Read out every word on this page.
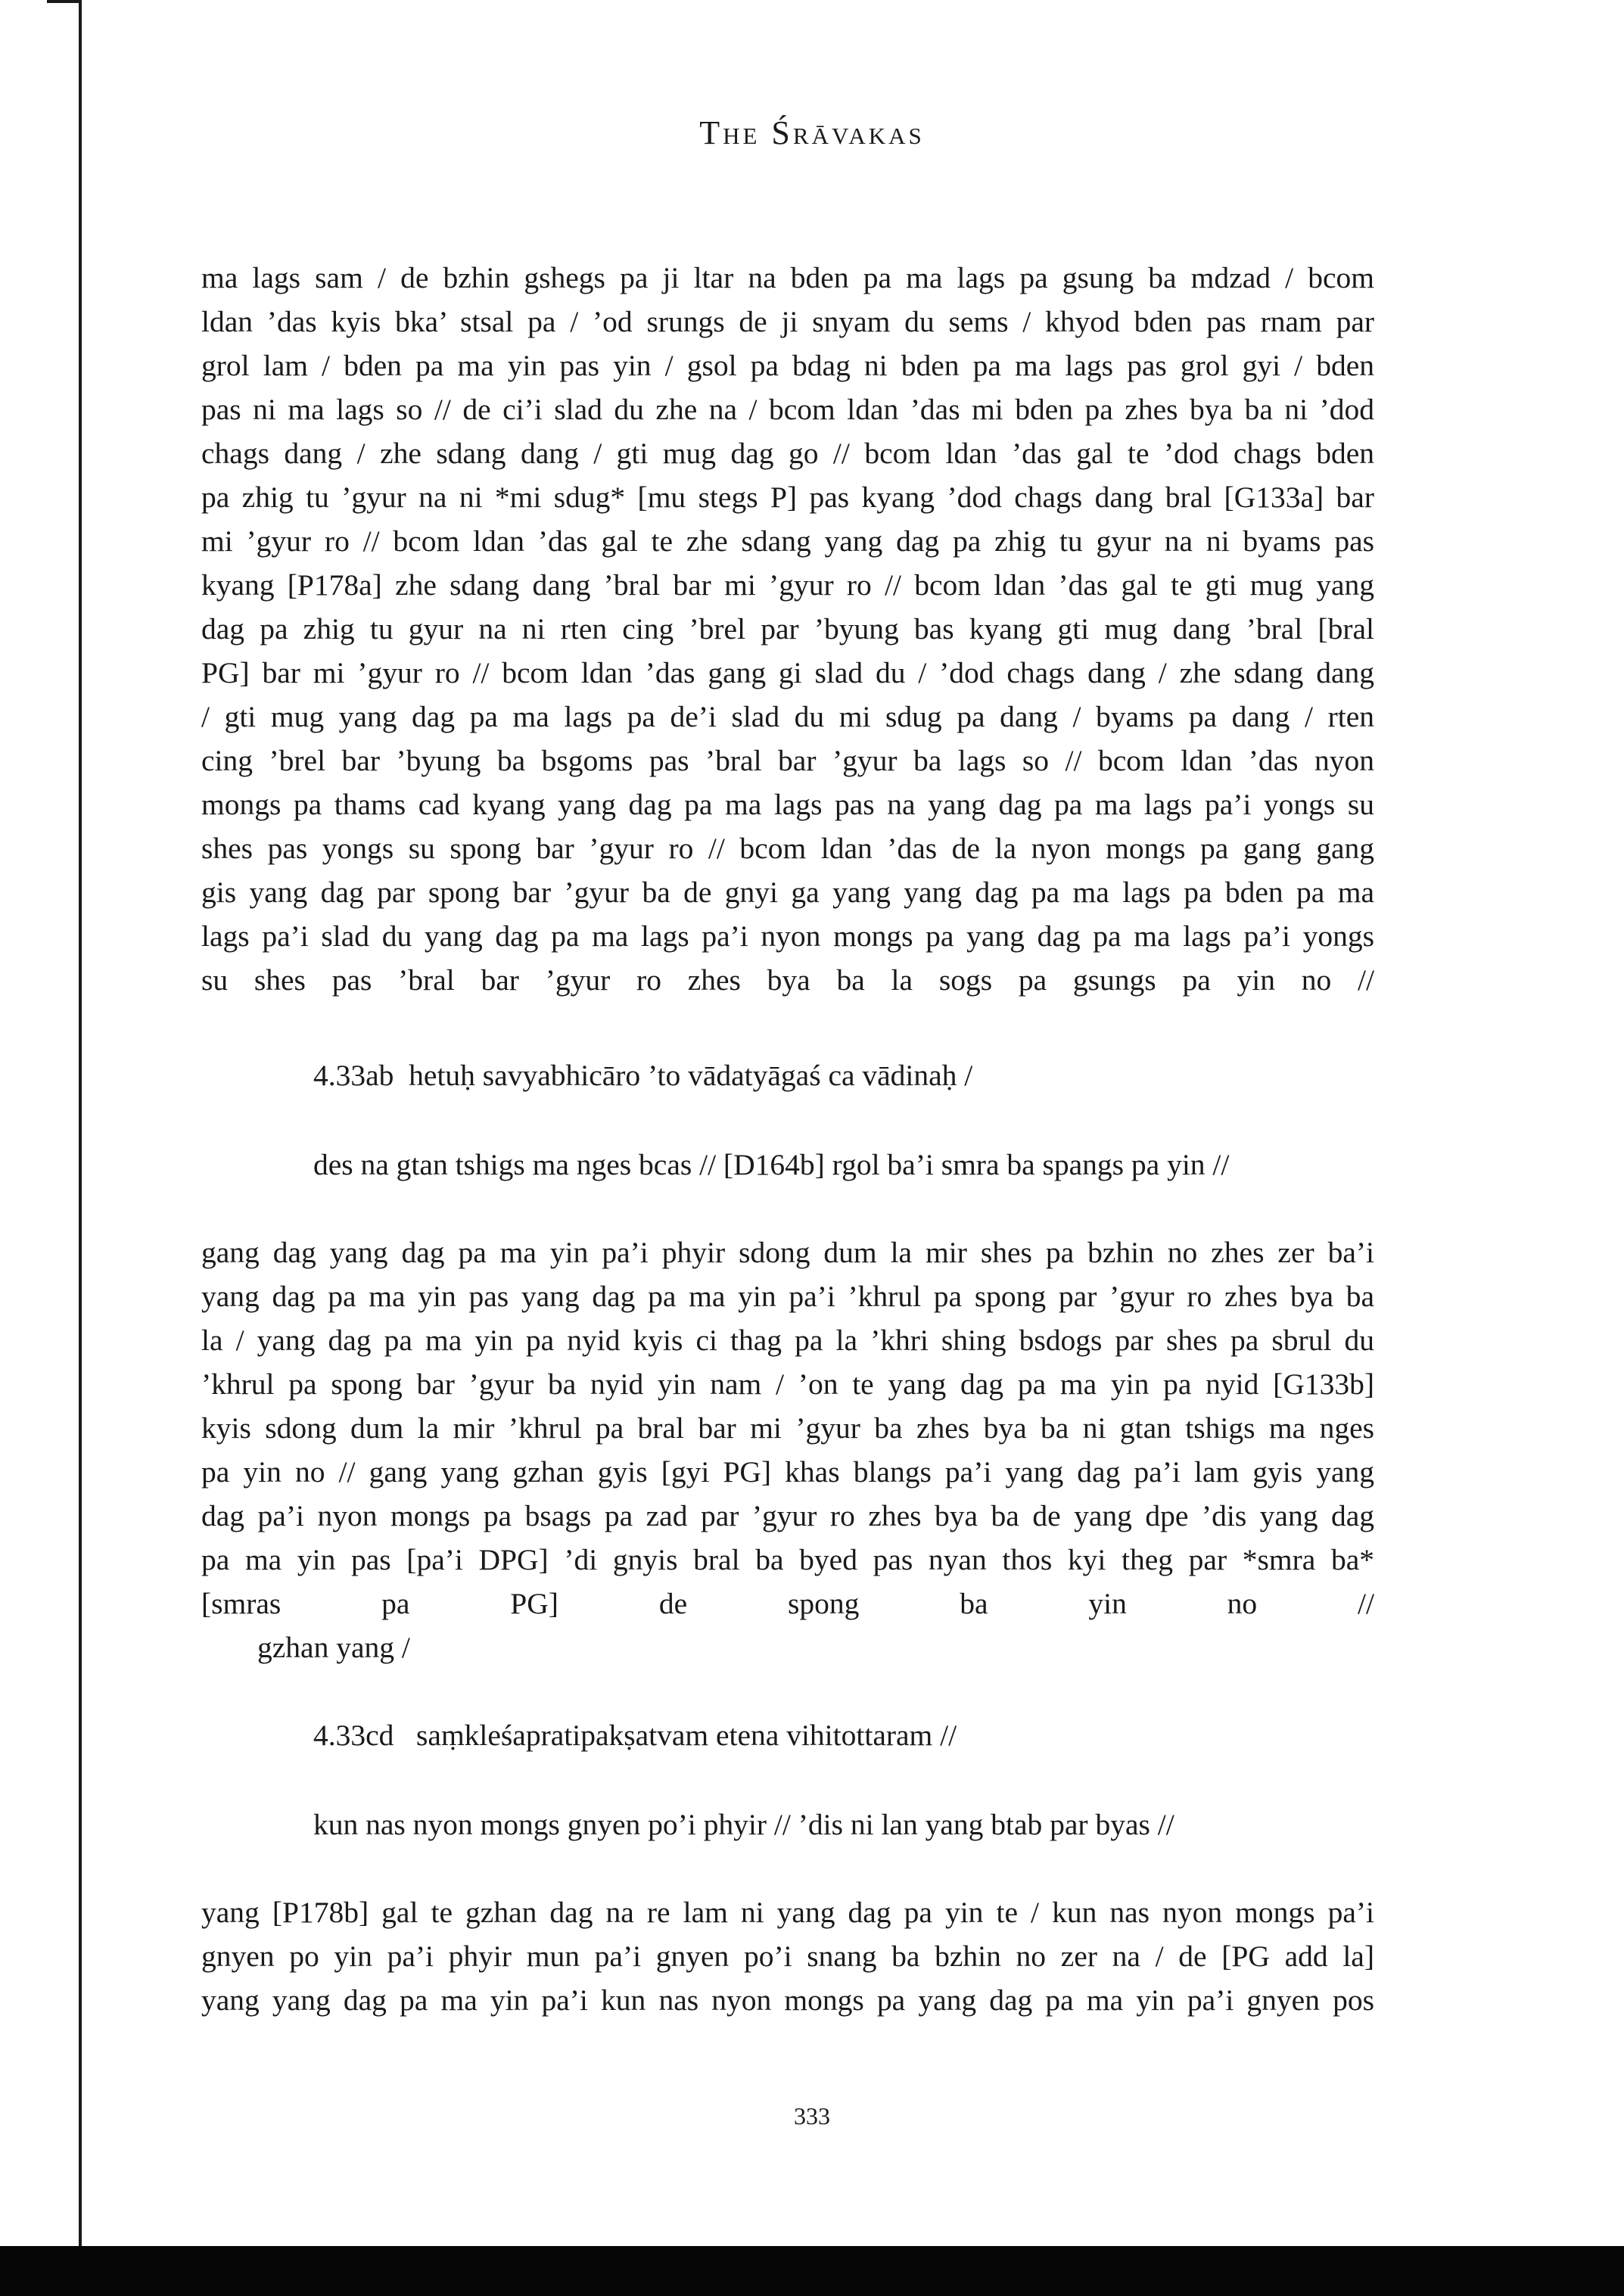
The Śrāvakas
ma lags sam / de bzhin gshegs pa ji ltar na bden pa ma lags pa gsung ba mdzad / bcom
ldan ’das kyis bka’ stsal pa / ’od srungs de ji snyam du sems / khyod bden pas rnam par
grol lam / bden pa ma yin pas yin / gsol pa bdag ni bden pa ma lags pas grol gyi / bden
pas ni ma lags so // de ci’i slad du zhe na / bcom ldan ’das mi bden pa zhes bya ba ni ’dod
chags dang / zhe sdang dang / gti mug dag go // bcom ldan ’das gal te ’dod chags bden
pa zhig tu ’gyur na ni *mi sdug* [mu stegs P] pas kyang ’dod chags dang bral [G133a] bar
mi ’gyur ro // bcom ldan ’das gal te zhe sdang yang dag pa zhig tu gyur na ni byams pas
kyang [P178a] zhe sdang dang ’bral bar mi ’gyur ro // bcom ldan ’das gal te gti mug yang
dag pa zhig tu gyur na ni rten cing ’brel par ’byung bas kyang gti mug dang ’bral [bral
PG] bar mi ’gyur ro // bcom ldan ’das gang gi slad du / ’dod chags dang / zhe sdang dang
/ gti mug yang dag pa ma lags pa de’i slad du mi sdug pa dang / byams pa dang / rten
cing ’brel bar ’byung ba bsgoms pas ’bral bar ’gyur ba lags so // bcom ldan ’das nyon
mongs pa thams cad kyang yang dag pa ma lags pas na yang dag pa ma lags pa’i yongs su
shes pas yongs su spong bar ’gyur ro // bcom ldan ’das de la nyon mongs pa gang gang
gis yang dag par spong bar ’gyur ba de gnyi ga yang yang dag pa ma lags pa bden pa ma
lags pa’i slad du yang dag pa ma lags pa’i nyon mongs pa yang dag pa ma lags pa’i yongs
su shes pas ’bral bar ’gyur ro zhes bya ba la sogs pa gsungs pa yin no //
4.33ab hetuḥ savyabhicāro ’to vādatyāgaś ca vādinaḥ /
des na gtan tshigs ma nges bcas // [D164b] rgol ba’i smra ba spangs pa yin //
gang dag yang dag pa ma yin pa’i phyir sdong dum la mir shes pa bzhin no zhes zer ba’i
yang dag pa ma yin pas yang dag pa ma yin pa’i ’khrul pa spong par ’gyur ro zhes bya ba
la / yang dag pa ma yin pa nyid kyis ci thag pa la ’khri shing bsdogs par shes pa sbrul du
’khrul pa spong bar ’gyur ba nyid yin nam / ’on te yang dag pa ma yin pa nyid [G133b]
kyis sdong dum la mir ’khrul pa bral bar mi ’gyur ba zhes bya ba ni gtan tshigs ma nges
pa yin no // gang yang gzhan gyis [gyi PG] khas blangs pa’i yang dag pa’i lam gyis yang
dag pa’i nyon mongs pa bsags pa zad par ’gyur ro zhes bya ba de yang dpe ’dis yang dag
pa ma yin pas [pa’i DPG] ’di gnyis bral ba byed pas nyan thos kyi theg par *smra ba*
[smras pa PG] de spong ba yin no //
gzhan yang /
4.33cd saṃkleśapratipakṣatvam etena vihitottaram //
kun nas nyon mongs gnyen po’i phyir // ’dis ni lan yang btab par byas //
yang [P178b] gal te gzhan dag na re lam ni yang dag pa yin te / kun nas nyon mongs pa’i
gnyen po yin pa’i phyir mun pa’i gnyen po’i snang ba bzhin no zer na / de [PG add la]
yang yang dag pa ma yin pa’i kun nas nyon mongs pa yang dag pa ma yin pa’i gnyen pos
333
